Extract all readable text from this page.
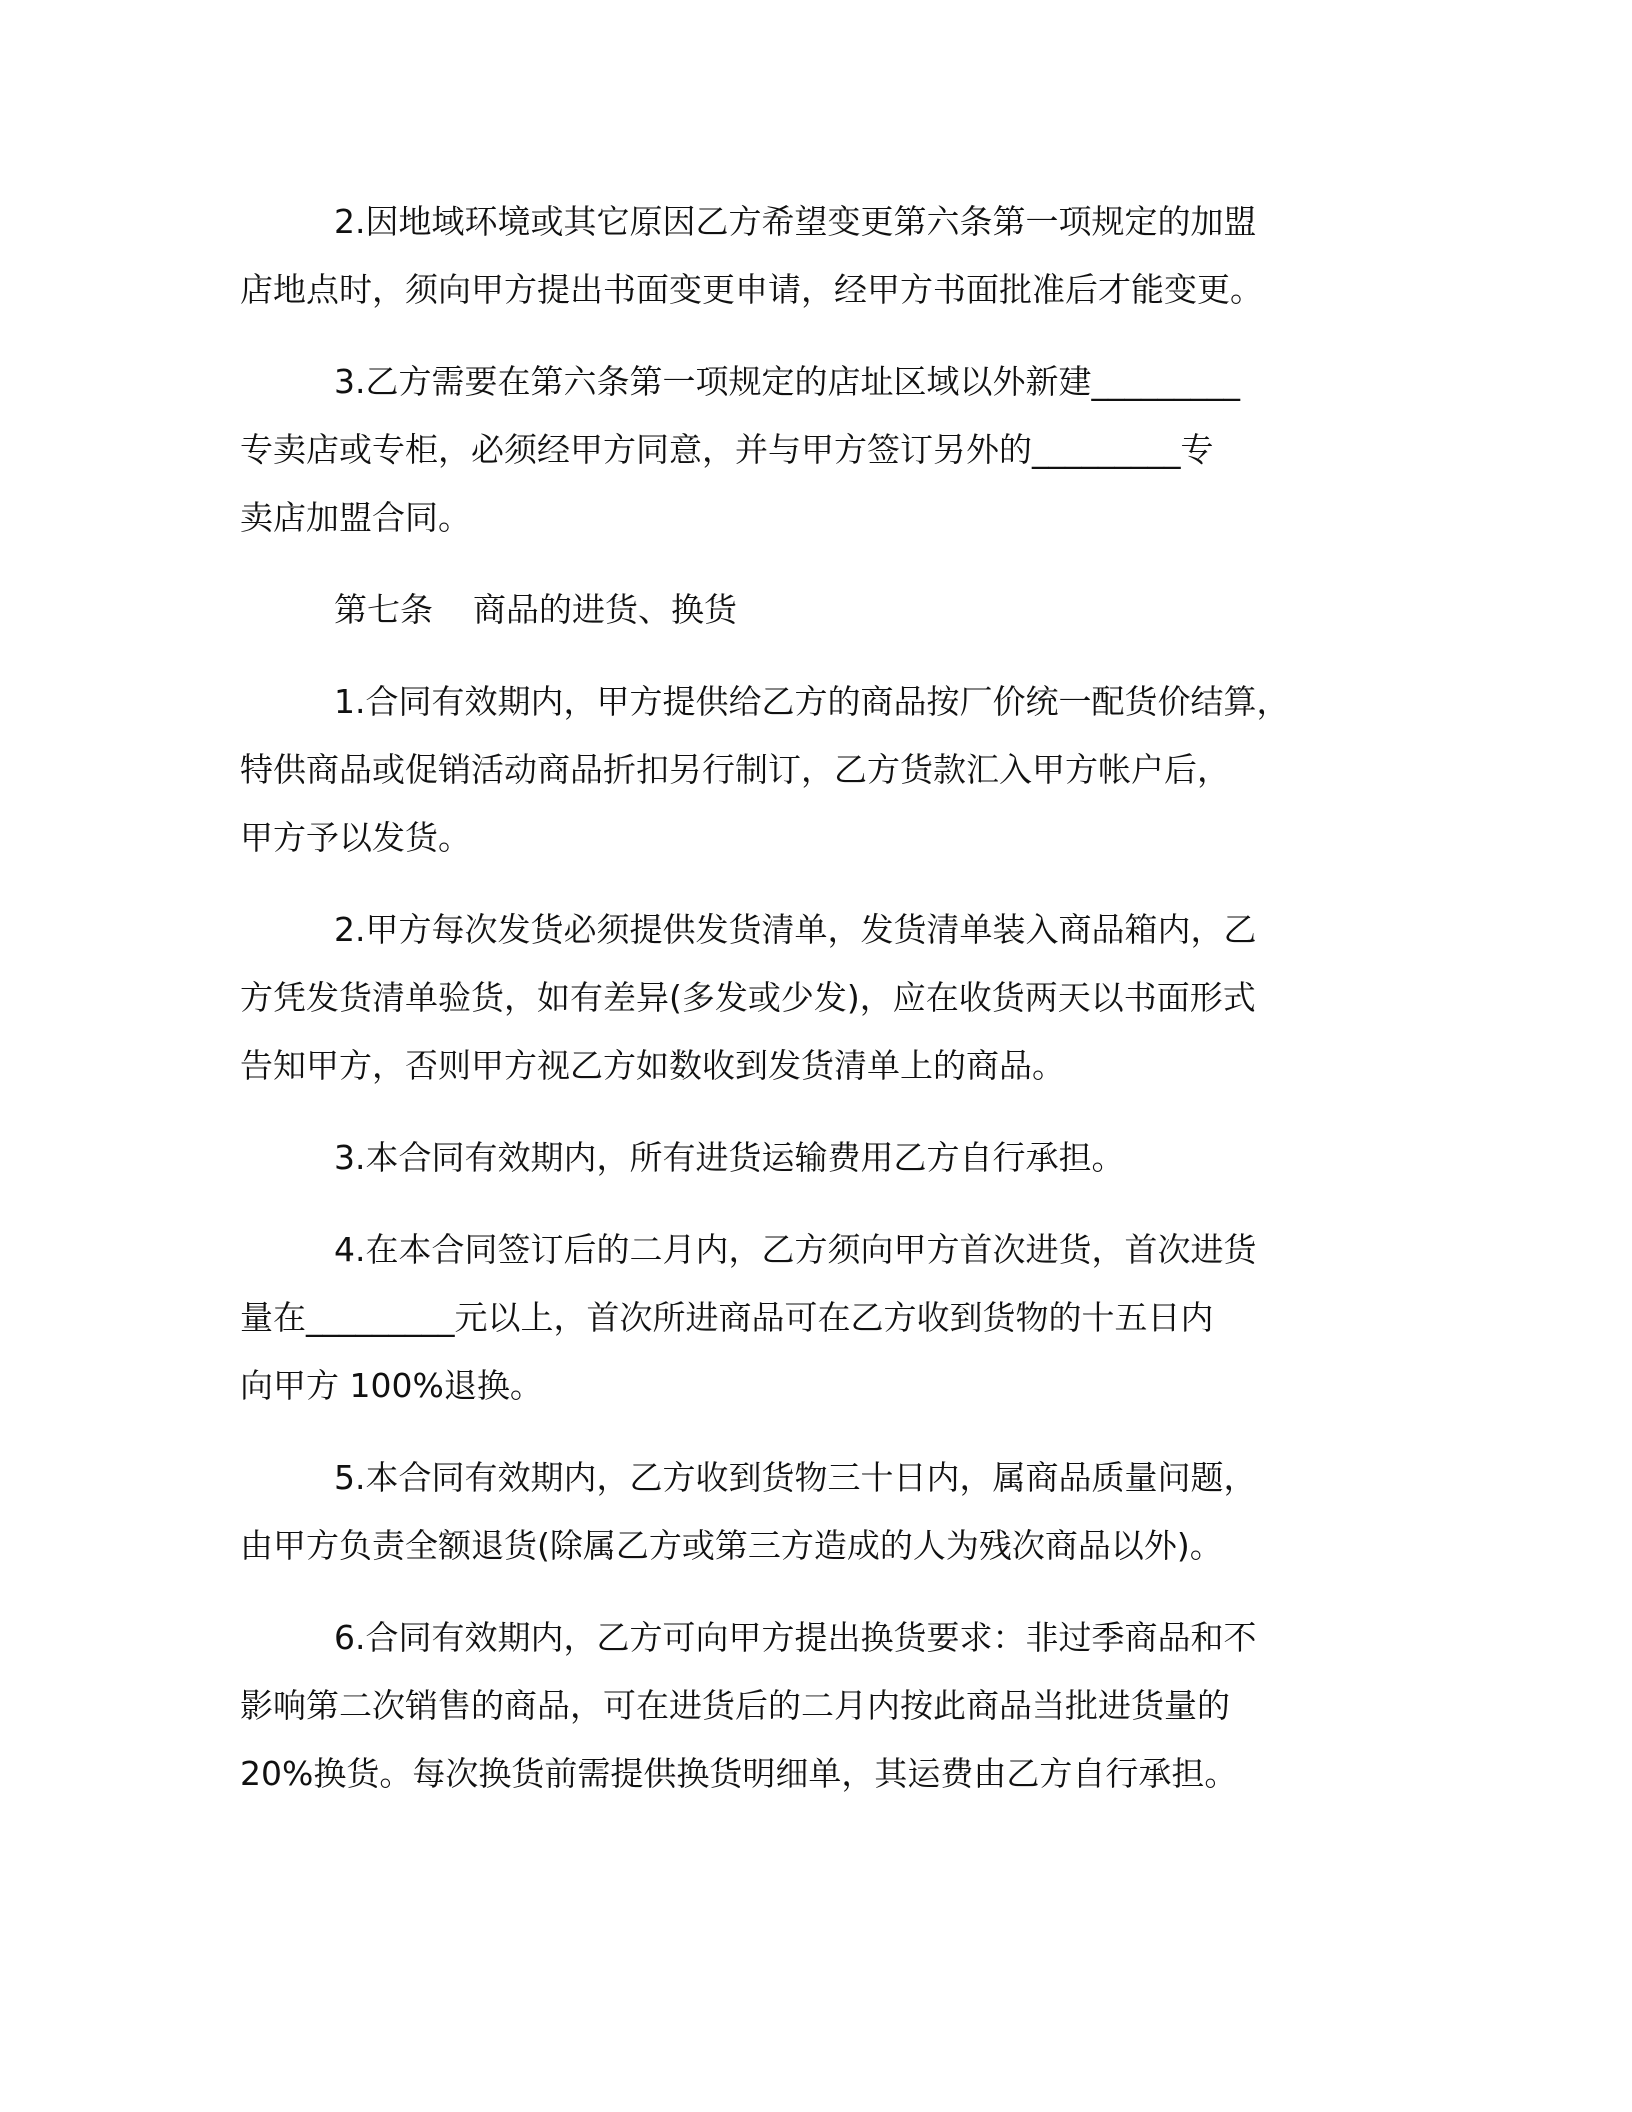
2.因地域环境或其它原因乙方希望变更第六条第一项规定的加盟
店地点时，须向甲方提出书面变更申请，经甲方书面批准后才能变更。
3.乙方需要在第六条第一项规定的店址区域以外新建_________
专卖店或专柜，必须经甲方同意，并与甲方签订另外的_________专
卖店加盟合同。
第七条 商品的进货、换货
1.合同有效期内，甲方提供给乙方的商品按厂价统一配货价结算，
特供商品或促销活动商品折扣另行制订，乙方货款汇入甲方帐户后，
甲方予以发货。
2.甲方每次发货必须提供发货清单，发货清单装入商品箱内，乙
方凭发货清单验货，如有差异(多发或少发)，应在收货两天以书面形式
告知甲方，否则甲方视乙方如数收到发货清单上的商品。
3.本合同有效期内，所有进货运输费用乙方自行承担。
4.在本合同签订后的二月内，乙方须向甲方首次进货，首次进货
量在_________元以上，首次所进商品可在乙方收到货物的十五日内
向甲方 100%退换。
5.本合同有效期内，乙方收到货物三十日内，属商品质量问题，
由甲方负责全额退货(除属乙方或第三方造成的人为残次商品以外)。
6.合同有效期内，乙方可向甲方提出换货要求：非过季商品和不
影响第二次销售的商品，可在进货后的二月内按此商品当批进货量的
20%换货。每次换货前需提供换货明细单，其运费由乙方自行承担。
